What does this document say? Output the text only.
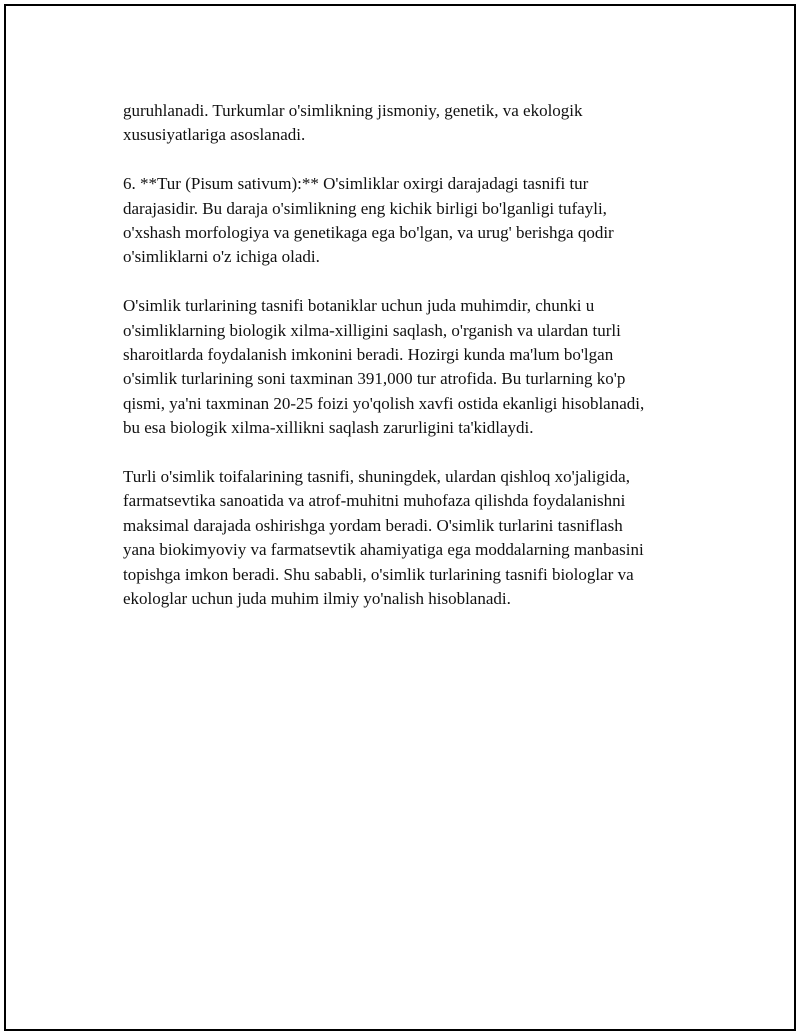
guruhlanadi. Turkumlar o'simlikning jismoniy, genetik, va ekologik
xususiyatlariga asoslanadi.

6. **Tur (Pisum sativum):** O'simliklar oxirgi darajadagi tasnifi tur
darajasidir. Bu daraja o'simlikning eng kichik birligi bo'lganligi tufayli,
o'xshash morfologiya va genetikaga ega bo'lgan, va urug' berishga qodir
o'simliklarni o'z ichiga oladi.

O'simlik turlarining tasnifi botaniklar uchun juda muhimdir, chunki u
o'simliklarning biologik xilma-xilligini saqlash, o'rganish va ulardan turli
sharoitlarda foydalanish imkonini beradi. Hozirgi kunda ma'lum bo'lgan
o'simlik turlarining soni taxminan 391,000 tur atrofida. Bu turlarning ko'p
qismi, ya'ni taxminan 20-25 foizi yo'qolish xavfi ostida ekanligi hisoblanadi,
bu esa biologik xilma-xillikni saqlash zarurligini ta'kidlaydi.

Turli o'simlik toifalarining tasnifi, shuningdek, ulardan qishloq xo'jaligida,
farmatsevtika sanoatida va atrof-muhitni muhofaza qilishda foydalanishni
maksimal darajada oshirishga yordam beradi. O'simlik turlarini tasniflash
yana biokimyoviy va farmatsevtik ahamiyatiga ega moddalarning manbasini
topishga imkon beradi. Shu sababli, o'simlik turlarining tasnifi biologlar va
ekologlar uchun juda muhim ilmiy yo'nalish hisoblanadi.
